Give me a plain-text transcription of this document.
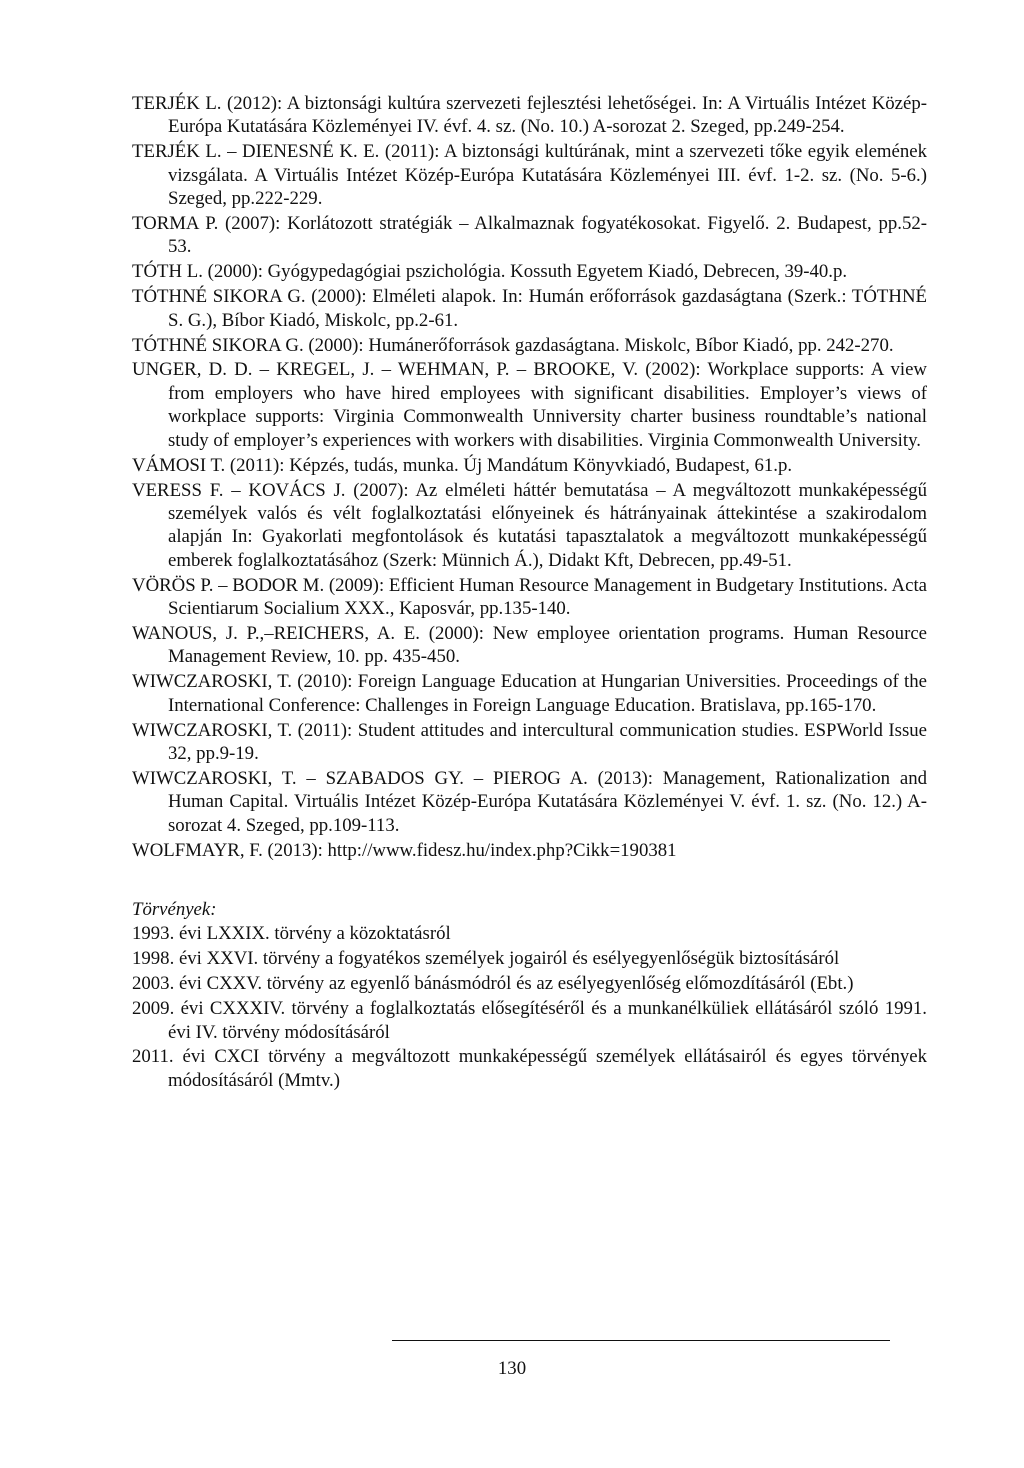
TERJÉK L. (2012): A biztonsági kultúra szervezeti fejlesztési lehetőségei. In: A Virtuális Intézet Közép-Európa Kutatására Közleményei IV. évf. 4. sz. (No. 10.) A-sorozat 2. Szeged, pp.249-254.

TERJÉK L. – DIENESNÉ K. E. (2011): A biztonsági kultúrának, mint a szervezeti tőke egyik elemének vizsgálata. A Virtuális Intézet Közép-Európa Kutatására Közleményei III. évf. 1-2. sz. (No. 5-6.) Szeged, pp.222-229.

TORMA P. (2007): Korlátozott stratégiák – Alkalmaznak fogyatékosokat. Figyelő. 2. Budapest, pp.52-53.

TÓTH L. (2000): Gyógypedagógiai pszichológia. Kossuth Egyetem Kiadó, Debrecen, 39-40.p.

TÓTHNÉ SIKORA G. (2000): Elméleti alapok. In: Humán erőforrások gazdaságtana (Szerk.: TÓTHNÉ S. G.), Bíbor Kiadó, Miskolc, pp.2-61.

TÓTHNÉ SIKORA G. (2000): Humánerőforrások gazdaságtana. Miskolc, Bíbor Kiadó, pp. 242-270.

UNGER, D. D. – KREGEL, J. – WEHMAN, P. – BROOKE, V. (2002): Workplace supports: A view from employers who have hired employees with significant disabilities. Employer’s views of workplace supports: Virginia Commonwealth Unniversity charter business roundtable’s national study of employer’s experiences with workers with disabilities. Virginia Commonwealth University.

VÁMOSI T. (2011): Képzés, tudás, munka. Új Mandátum Könyvkiadó, Budapest, 61.p.

VERESS F. – KOVÁCS J. (2007): Az elméleti háttér bemutatása – A megváltozott munkaképességű személyek valós és vélt foglalkoztatási előnyeinek és hátrányainak áttekintése a szakirodalom alapján In: Gyakorlati megfontolások és kutatási tapasztalatok a megváltozott munkaképességű emberek foglalkoztatásához (Szerk: Münnich Á.), Didakt Kft, Debrecen, pp.49-51.

VÖRÖS P. – BODOR M. (2009): Efficient Human Resource Management in Budgetary Institutions. Acta Scientiarum Socialium XXX., Kaposvár, pp.135-140.

WANOUS, J. P.,–REICHERS, A. E. (2000): New employee orientation programs. Human Resource Management Review, 10. pp. 435-450.

WIWCZAROSKI, T. (2010): Foreign Language Education at Hungarian Universities. Proceedings of the International Conference: Challenges in Foreign Language Education. Bratislava, pp.165-170.

WIWCZAROSKI, T. (2011): Student attitudes and intercultural communication studies. ESPWorld Issue 32, pp.9-19.

WIWCZAROSKI, T. – SZABADOS GY. – PIEROG A. (2013): Management, Rationalization and Human Capital. Virtuális Intézet Közép-Európa Kutatására Közleményei V. évf. 1. sz. (No. 12.) A-sorozat 4. Szeged, pp.109-113.

WOLFMAYR, F. (2013): http://www.fidesz.hu/index.php?Cikk=190381

Törvények:

1993. évi LXXIX. törvény a közoktatásról

1998. évi XXVI. törvény a fogyatékos személyek jogairól és esélyegyenlőségük biztosításáról

2003. évi CXXV. törvény az egyenlő bánásmódról és az esélyegyenlőség előmozdításáról (Ebt.)

2009. évi CXXXIV. törvény a foglalkoztatás elősegítéséről és a munkanélküliek ellátásáról szóló 1991. évi IV. törvény módosításáról

2011. évi CXCI törvény a megváltozott munkaképességű személyek ellátásairól és egyes törvények módosításáról (Mmtv.)

130
